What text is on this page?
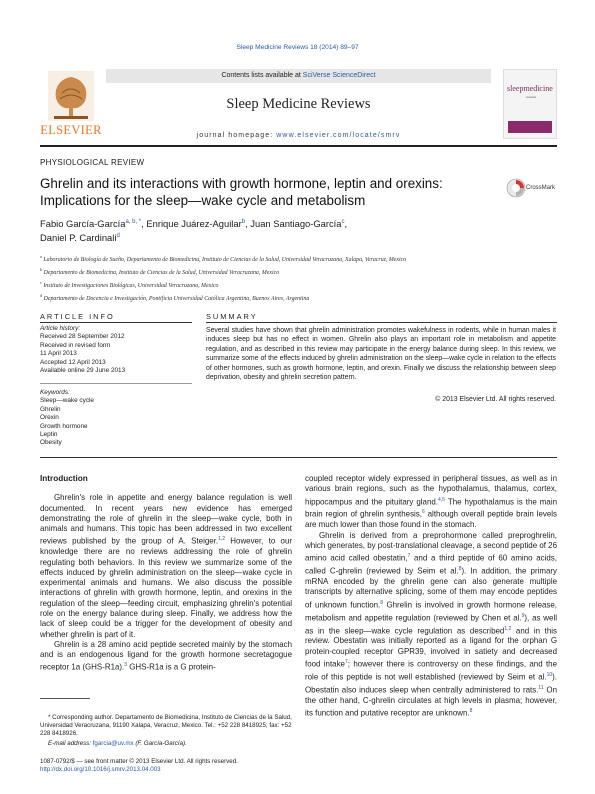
Sleep Medicine Reviews 18 (2014) 89–97
ELSEVIER
Contents lists available at SciVerse ScienceDirect
Sleep Medicine Reviews
journal homepage: www.elsevier.com/locate/smrv
sleepmedicine
reviews
PHYSIOLOGICAL REVIEW
Ghrelin and its interactions with growth hormone, leptin and orexins:
Implications for the sleep—wake cycle and metabolism
CrossMark
Fabio García-García$^{a, b, *}$, Enrique Juárez-Aguilar$^b$, Juan Santiago-García$^c$,
Daniel P. Cardinali$^d$
$^a$ Laboratorio de Biología de Sueño, Departamento de Biomedicina, Instituto de Ciencias de la Salud, Universidad Veracruzana, Xalapa, Veracruz, Mexico
$^b$ Departamento de Biomedicina, Instituto de Ciencias de la Salud, Universidad Veracruzana, Mexico
$^c$ Instituto de Investigaciones Biológicas, Universidad Veracruzana, Mexico
$^d$ Departamento de Docencia e Investigación, Pontificia Universidad Católica Argentina, Buenos Aires, Argentina
ARTICLE INFO	SUMMARY
Article history:
Received 28 September 2012
Received in revised form
11 April 2013
Accepted 12 April 2013
Available online 29 June 2013
Keywords:
Sleep—wake cycle
Ghrelin
Orexin
Growth hormone
Leptin
Obesity
Several studies have shown that ghrelin administration promotes wakefulness in rodents, while in human males it induces sleep but has no effect in women. Ghrelin also plays an important role in metabolism and appetite regulation, and as described in this review may participate in the energy balance during sleep. In this review, we summarize some of the effects induced by ghrelin administration on the sleep—wake cycle in relation to the effects of other hormones, such as growth hormone, leptin, and orexin. Finally we discuss the relationship between sleep deprivation, obesity and ghrelin secretion pattern.
© 2013 Elsevier Ltd. All rights reserved.
Introduction

Ghrelin's role in appetite and energy balance regulation is well documented. In recent years new evidence has emerged demonstrating the role of ghrelin in the sleep—wake cycle, both in animals and humans. This topic has been addressed in two excellent reviews published by the group of A. Steiger.$^{1,2}$ However, to our knowledge there are no reviews addressing the role of ghrelin regulating both behaviors. In this review we summarize some of the effects induced by ghrelin administration on the sleep—wake cycle in experimental animals and humans. We also discuss the possible interactions of ghrelin with growth hormone, leptin, and orexins in the regulation of the sleep—feeding circuit, emphasizing ghrelin's potential role on the energy balance during sleep. Finally, we address how the lack of sleep could be a trigger for the development of obesity and whether ghrelin is part of it.

Ghrelin is a 28 amino acid peptide secreted mainly by the stomach and is an endogenous ligand for the growth hormone secretagogue receptor 1a (GHS-R1a).$^3$ GHS-R1a is a G protein-

coupled receptor widely expressed in peripheral tissues, as well as in various brain regions, such as the hypothalamus, thalamus, cortex, hippocampus and the pituitary gland.$^{4,5}$ The hypothalamus is the main brain region of ghrelin synthesis,$^6$ although overall peptide brain levels are much lower than those found in the stomach.

Ghrelin is derived from a preprohormone called preproghrelin, which generates, by post-translational cleavage, a second peptide of 26 amino acid called obestatin,$^7$ and a third peptide of 60 amino acids, called C-ghrelin (reviewed by Seim et al.$^8$). In addition, the primary mRNA encoded by the ghrelin gene can also generate multiple transcripts by alternative splicing, some of them may encode peptides of unknown function.$^8$ Ghrelin is involved in growth hormone release, metabolism and appetite regulation (reviewed by Chen et al.$^9$), as well as in the sleep—wake cycle regulation as described$^{1,2}$ and in this review. Obestatin was initially reported as a ligand for the orphan G protein-coupled receptor GPR39, involved in satiety and decreased food intake$^7$; however there is controversy on these findings, and the role of this peptide is not well established (reviewed by Seim et al.$^{10}$). Obestatin also induces sleep when centrally administered to rats.$^{11}$ On the other hand, C-ghrelin circulates at high levels in plasma; however, its function and putative receptor are unknown.$^8$

* Corresponding author. Departamento de Biomedicina, Instituto de Ciencias de la Salud, Universidad Veracruzana, 91190 Xalapa, Veracruz, Mexico. Tel.: +52 228 8418925; fax: +52 228 8418926.
E-mail address: fgarcia@uv.mx (F. García-García).
1087-0792/$ — see front matter © 2013 Elsevier Ltd. All rights reserved.
http://dx.doi.org/10.1016/j.smrv.2013.04.003
